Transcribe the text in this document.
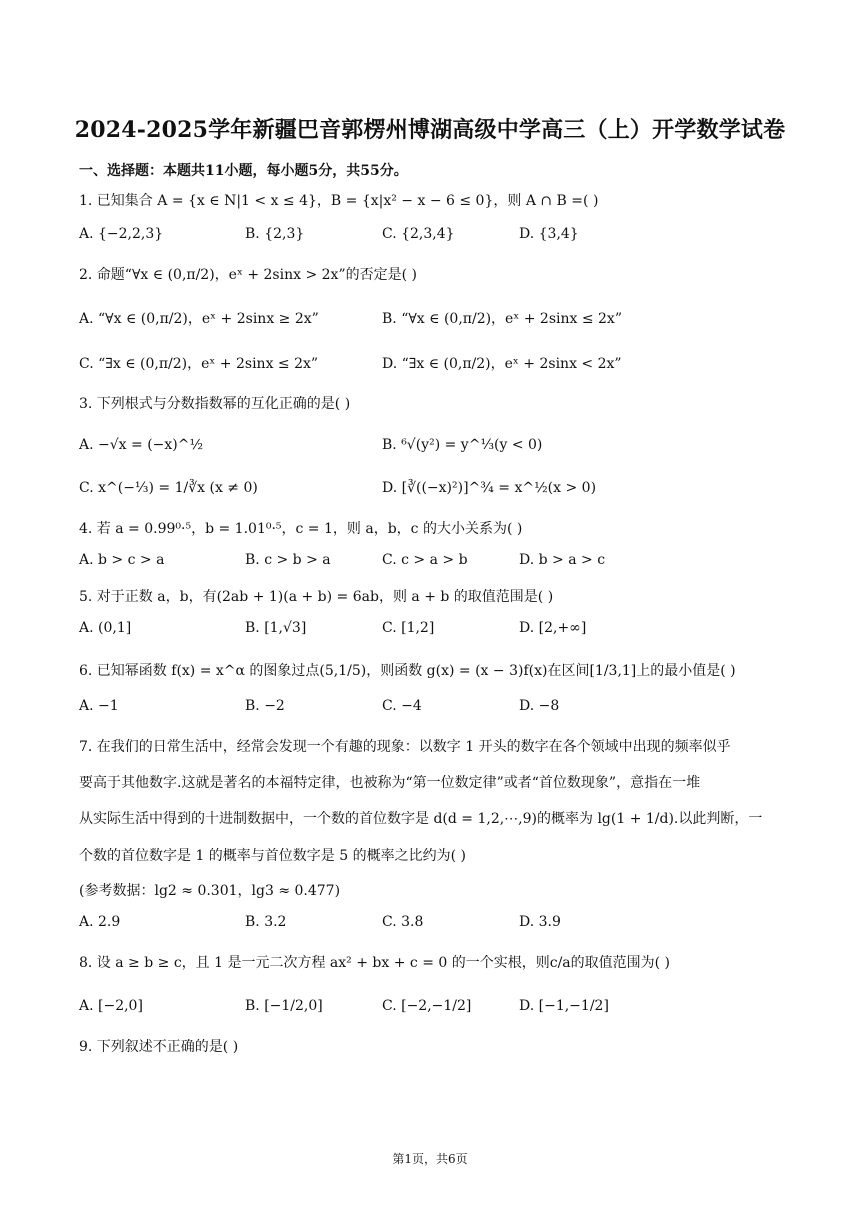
2024-2025学年新疆巴音郭楞州博湖高级中学高三（上）开学数学试卷
一、选择题：本题共11小题，每小题5分，共55分。
1. 已知集合 A = {x ∈ N|1 < x ≤ 4}，B = {x|x² − x − 6 ≤ 0}，则 A ∩ B =( )
A. {−2,2,3}	B. {2,3}	C. {2,3,4}	D. {3,4}
2. 命题“∀x ∈ (0,π/2)，eˣ + 2sinx > 2x”的否定是( )
A. “∀x ∈ (0,π/2)，eˣ + 2sinx ≥ 2x”	B. “∀x ∈ (0,π/2)，eˣ + 2sinx ≤ 2x”
C. “∃x ∈ (0,π/2)，eˣ + 2sinx ≤ 2x”	D. “∃x ∈ (0,π/2)，eˣ + 2sinx < 2x”
3. 下列根式与分数指数幂的互化正确的是( )
A. −√x = (−x)^½	B. ⁶√(y²) = y^⅓(y < 0)
C. x^(−⅓) = 1/∛x (x ≠ 0)	D. [∛((−x)²)]^¾ = x^½(x > 0)
4. 若 a = 0.99⁰·⁵，b = 1.01⁰·⁵，c = 1，则 a，b，c 的大小关系为( )
A. b > c > a	B. c > b > a	C. c > a > b	D. b > a > c
5. 对于正数 a，b，有(2ab + 1)(a + b) = 6ab，则 a + b 的取值范围是( )
A. (0,1]	B. [1,√3]	C. [1,2]	D. [2,+∞]
6. 已知幂函数 f(x) = x^α 的图象过点(5,1/5)，则函数 g(x) = (x − 3)f(x)在区间[1/3,1]上的最小值是( )
A. −1	B. −2	C. −4	D. −8
7. 在我们的日常生活中，经常会发现一个有趣的现象：以数字 1 开头的数字在各个领域中出现的频率似乎
要高于其他数字.这就是著名的本福特定律，也被称为“第一位数定律”或者“首位数现象”，意指在一堆
从实际生活中得到的十进制数据中，一个数的首位数字是 d(d = 1,2,⋯,9)的概率为 lg(1 + 1/d).以此判断，一
个数的首位数字是 1 的概率与首位数字是 5 的概率之比约为( )
(参考数据：lg2 ≈ 0.301，lg3 ≈ 0.477)
A. 2.9	B. 3.2	C. 3.8	D. 3.9
8. 设 a ≥ b ≥ c，且 1 是一元二次方程 ax² + bx + c = 0 的一个实根，则c/a的取值范围为( )
A. [−2,0]	B. [−1/2,0]	C. [−2,−1/2]	D. [−1,−1/2]
9. 下列叙述不正确的是( )
第1页，共6页
